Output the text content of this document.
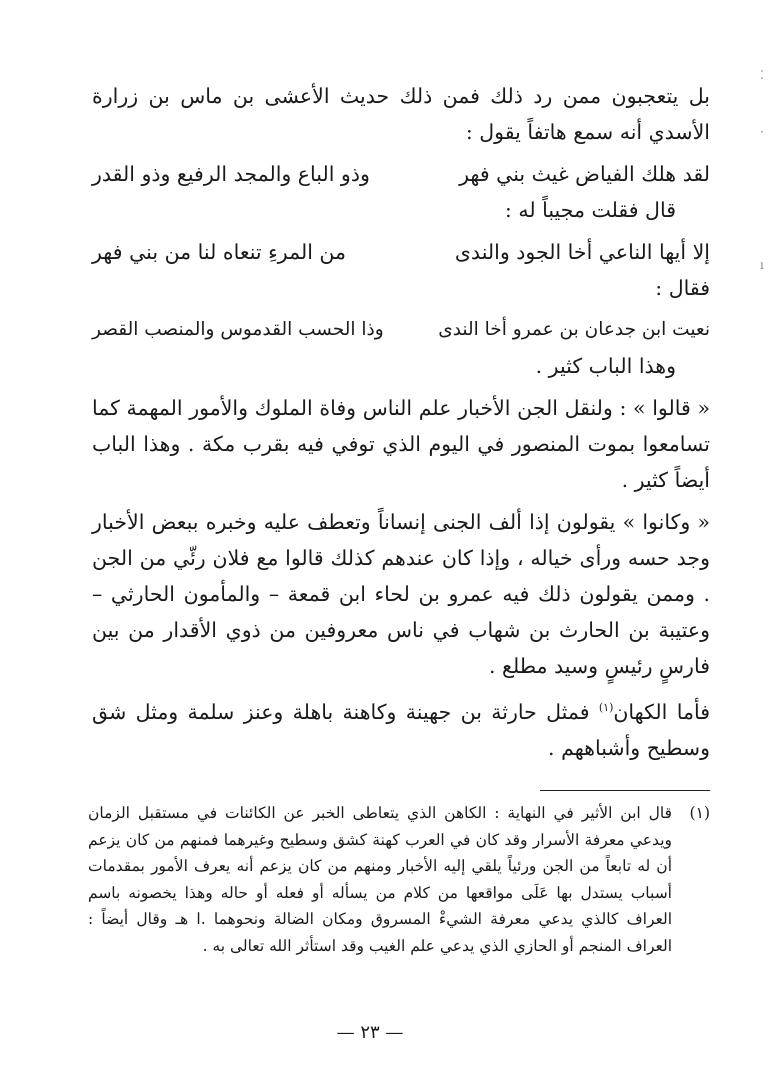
بل يتعجبون ممن رد ذلك فمن ذلك حديث الأعشى بن ماس بن زرارة الأسدي أنه سمع هاتفاً يقول :

لقد هلك الفياض غيث بني فهر
وذو الباع والمجد الرفيع وذو القدر

قال فقلت مجيباً له :

إلا أيها الناعي أخا الجود والندى
من المرءِ تنعاه لنا من بني فهر

فقال :

نعيت ابن جدعان بن عمرو أخا الندى
وذا الحسب القدموس والمنصب القصر

وهذا الباب كثير .

« قالوا » : ولنقل الجن الأخبار علم الناس وفاة الملوك والأمور المهمة كما تسامعوا بموت المنصور في اليوم الذي توفي فيه بقرب مكة . وهذا الباب أيضاً كثير .

« وكانوا » يقولون إذا ألف الجنى إنساناً وتعطف عليه وخبره ببعض الأخبار وجد حسه ورأى خياله ، وإذا كان عندهم كذلك قالوا مع فلان رئّي من الجن . وممن يقولون ذلك فيه عمرو بن لحاء ابن قمعة – والمأمون الحارثي – وعتيبة بن الحارث بن شهاب في ناس معروفين من ذوي الأقدار من بين فارسٍ رئيسٍ وسيد مطلع .

فأما الكهان$^{(١)}$ فمثل حارثة بن جهينة وكاهنة باهلة وعنز سلمة ومثل شق وسطيح وأشباههم .

(١)
قال ابن الأثير في النهاية : الكاهن الذي يتعاطى الخبر عن الكائنات في مستقبل الزمان ويدعي معرفة الأسرار وقد كان في العرب كهنة كشق وسطيح وغيرهما فمنهم من كان يزعم أن له تابعاً من الجن ورئياً يلقي إليه الأخبار ومنهم من كان يزعم أنه يعرف الأمور بمقدمات أسباب يستدل بها عَلَى مواقعها من كلام من يسأله أو فعله أو حاله وهذا يخصونه باسم العراف كالذي يدعي معرفة الشيءْ المسروق ومكان الضالة ونحوهما .ا هـ وقال أيضاً : العراف المنجم أو الحازي الذي يدعي علم الغيب وقد استأثر الله تعالى به .
— ٢٣ —
⁚
·
ı
